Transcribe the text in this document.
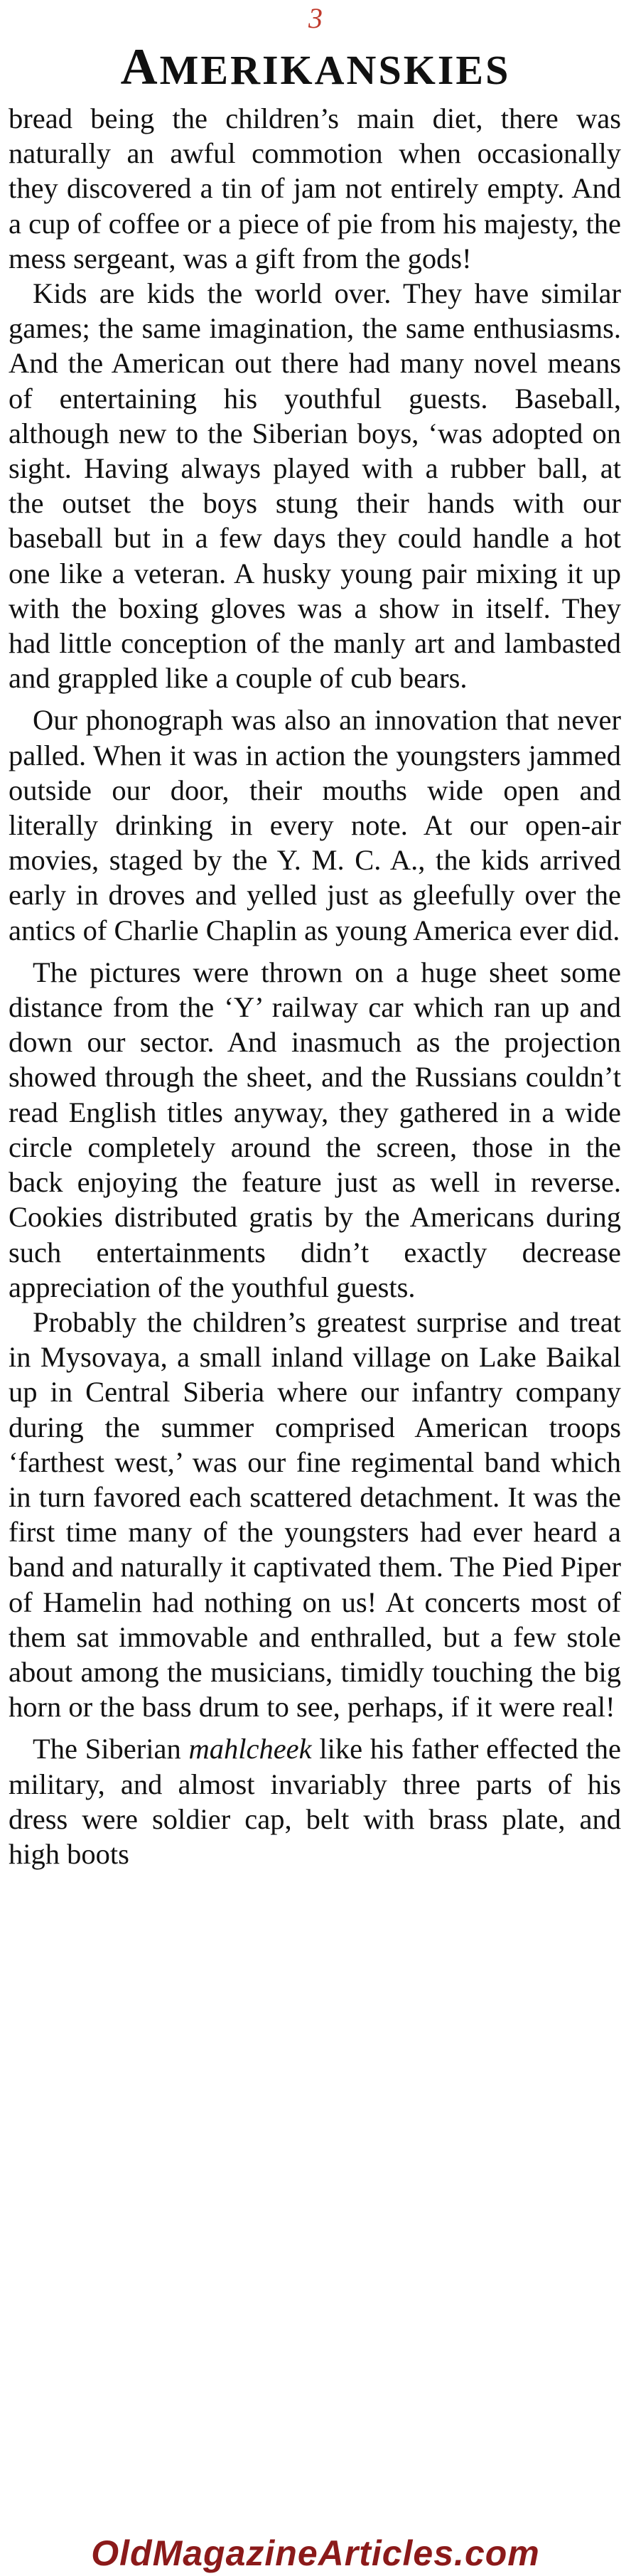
3
AMERIKANSKIES

bread being the children’s main diet, there was naturally an awful commotion when occasionally they discovered a tin of jam not entirely empty. And a cup of coffee or a piece of pie from his majesty, the mess sergeant, was a gift from the gods!

Kids are kids the world over. They have similar games; the same imagination, the same enthusiasms. And the American out there had many novel means of entertaining his youthful guests. Baseball, although new to the Siberian boys, ‘was adopted on sight. Having always played with a rubber ball, at the outset the boys stung their hands with our baseball but in a few days they could handle a hot one like a veteran. A husky young pair mixing it up with the boxing gloves was a show in itself. They had little conception of the manly art and lambasted and grappled like a couple of cub bears.

Our phonograph was also an innovation that never palled. When it was in action the youngsters jammed outside our door, their mouths wide open and literally drinking in every note. At our open-air movies, staged by the Y. M. C. A., the kids arrived early in droves and yelled just as gleefully over the antics of Charlie Chaplin as young America ever did.

The pictures were thrown on a huge sheet some distance from the ‘Y’ railway car which ran up and down our sector. And inasmuch as the projection showed through the sheet, and the Russians couldn’t read English titles anyway, they gathered in a wide circle completely around the screen, those in the back enjoying the feature just as well in reverse. Cookies distributed gratis by the Americans during such entertainments didn’t exactly decrease appreciation of the youthful guests.

Probably the children’s greatest surprise and treat in Mysovaya, a small inland village on Lake Baikal up in Central Siberia where our infantry company during the summer comprised American troops ‘farthest west,’ was our fine regimental band which in turn favored each scattered detachment. It was the first time many of the youngsters had ever heard a band and naturally it captivated them. The Pied Piper of Hamelin had nothing on us! At concerts most of them sat immovable and enthralled, but a few stole about among the musicians, timidly touching the big horn or the bass drum to see, perhaps, if it were real!

The Siberian mahlcheek like his father effected the military, and almost invariably three parts of his dress were soldier cap, belt with brass plate, and high boots

OldMagazineArticles.com
